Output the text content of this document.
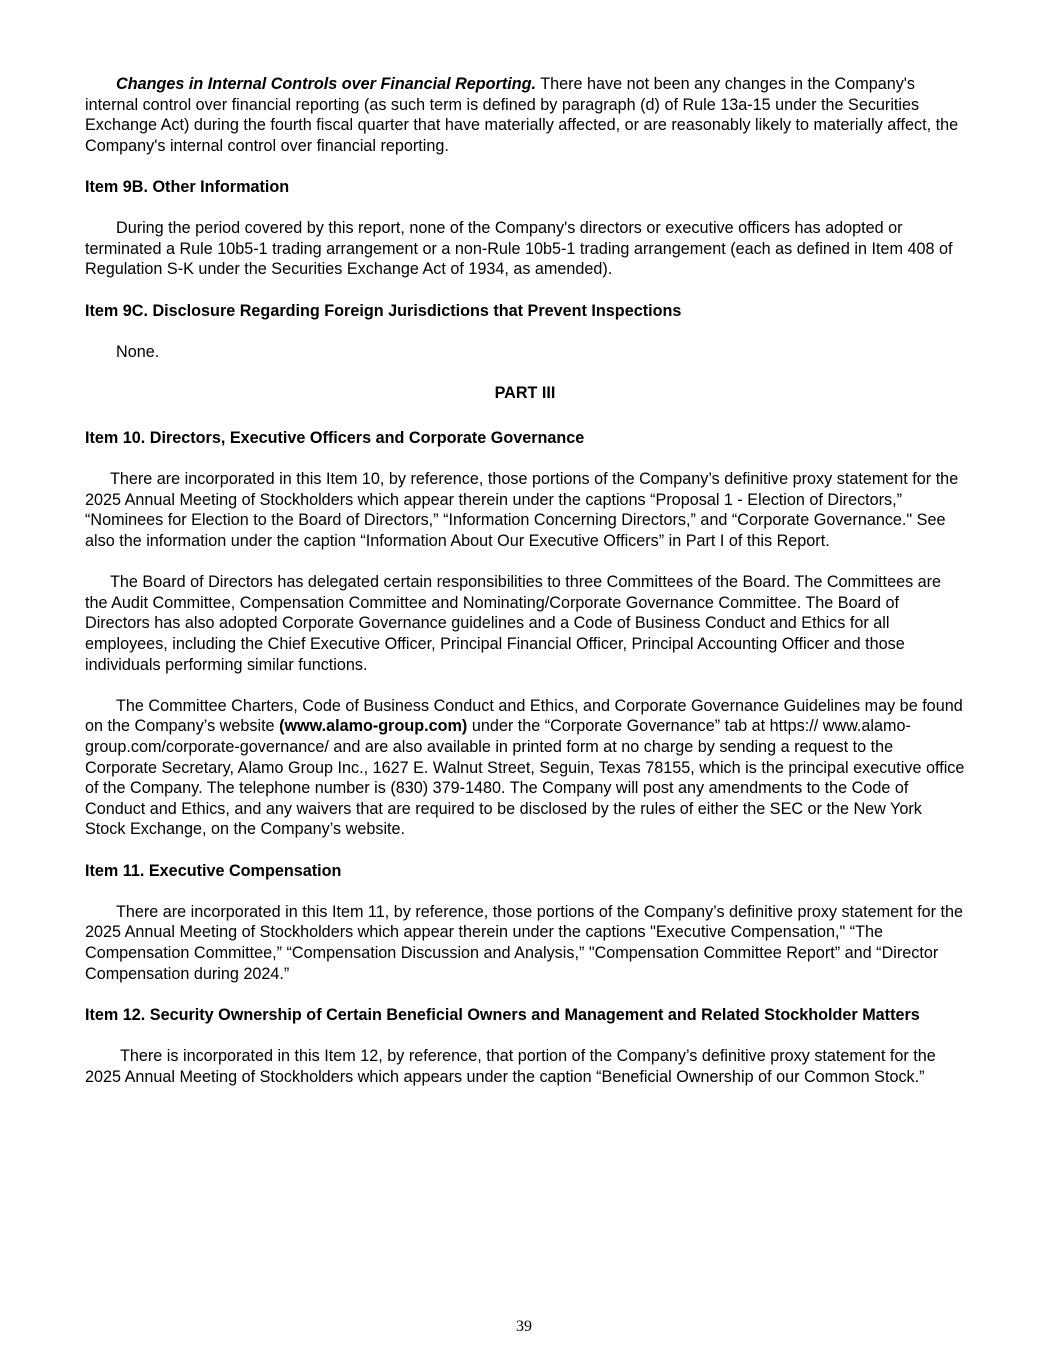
Changes in Internal Controls over Financial Reporting. There have not been any changes in the Company's internal control over financial reporting (as such term is defined by paragraph (d) of Rule 13a-15 under the Securities Exchange Act) during the fourth fiscal quarter that have materially affected, or are reasonably likely to materially affect, the Company's internal control over financial reporting.

Item 9B. Other Information

During the period covered by this report, none of the Company's directors or executive officers has adopted or terminated a Rule 10b5-1 trading arrangement or a non-Rule 10b5-1 trading arrangement (each as defined in Item 408 of Regulation S-K under the Securities Exchange Act of 1934, as amended).

Item 9C. Disclosure Regarding Foreign Jurisdictions that Prevent Inspections

None.

PART III

Item 10. Directors, Executive Officers and Corporate Governance

There are incorporated in this Item 10, by reference, those portions of the Company’s definitive proxy statement for the 2025 Annual Meeting of Stockholders which appear therein under the captions “Proposal 1 - Election of Directors,” “Nominees for Election to the Board of Directors,” “Information Concerning Directors,” and “Corporate Governance." See also the information under the caption “Information About Our Executive Officers” in Part I of this Report.

The Board of Directors has delegated certain responsibilities to three Committees of the Board. The Committees are the Audit Committee, Compensation Committee and Nominating/Corporate Governance Committee. The Board of Directors has also adopted Corporate Governance guidelines and a Code of Business Conduct and Ethics for all employees, including the Chief Executive Officer, Principal Financial Officer, Principal Accounting Officer and those individuals performing similar functions.

The Committee Charters, Code of Business Conduct and Ethics, and Corporate Governance Guidelines may be found on the Company’s website (www.alamo-group.com) under the “Corporate Governance” tab at https:// www.alamo-group.com/corporate-governance/ and are also available in printed form at no charge by sending a request to the Corporate Secretary, Alamo Group Inc., 1627 E. Walnut Street, Seguin, Texas 78155, which is the principal executive office of the Company. The telephone number is (830) 379-1480. The Company will post any amendments to the Code of Conduct and Ethics, and any waivers that are required to be disclosed by the rules of either the SEC or the New York Stock Exchange, on the Company’s website.

Item 11. Executive Compensation

There are incorporated in this Item 11, by reference, those portions of the Company’s definitive proxy statement for the 2025 Annual Meeting of Stockholders which appear therein under the captions "Executive Compensation," “The Compensation Committee,” “Compensation Discussion and Analysis,” "Compensation Committee Report” and “Director Compensation during 2024.”

Item 12. Security Ownership of Certain Beneficial Owners and Management and Related Stockholder Matters

There is incorporated in this Item 12, by reference, that portion of the Company’s definitive proxy statement for the 2025 Annual Meeting of Stockholders which appears under the caption “Beneficial Ownership of our Common Stock.”

39
